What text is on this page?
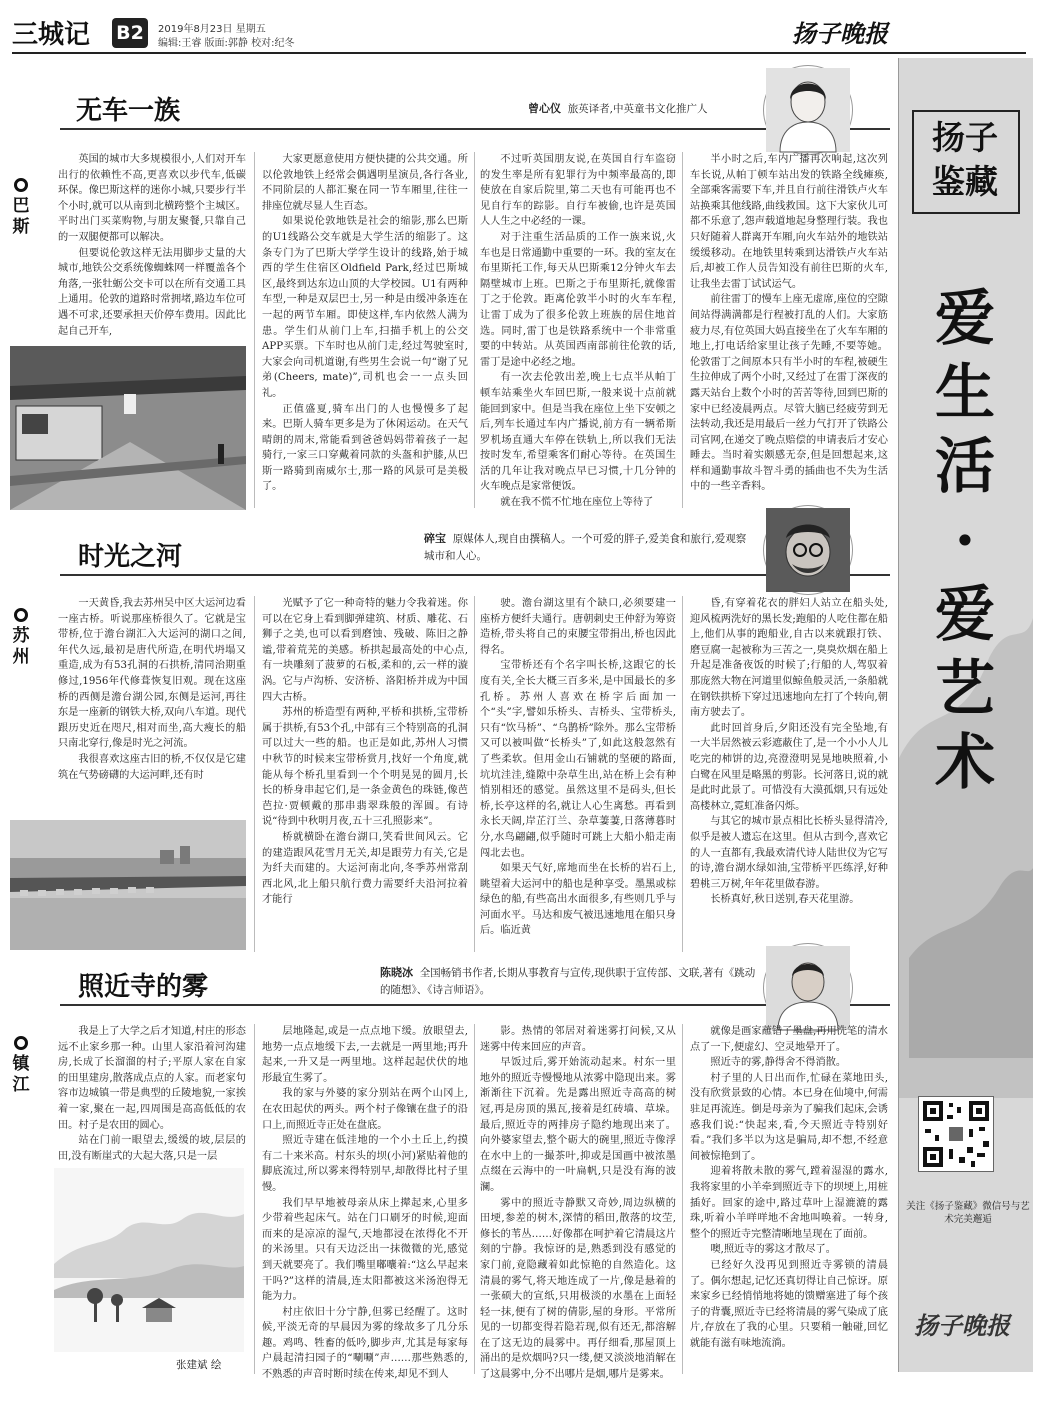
三城记 B2	2019年8月23日 星期五
编辑:王睿 版面:郭静 校对:纪冬	扬子晚报
无车一族	曾心仪 旅英译者,中英童书文化推广人
巴斯

英国的城市大多规模很小,人们对开车出行的依赖性不高,更喜欢以步代车,低碳环保。像巴斯这样的迷你小城,只要步行半个小时,就可以从南到北横跨整个主城区。平时出门买菜购物,与朋友聚餐,只靠自己的一双腿便都可以解决。

但要说伦敦这样无法用脚步丈量的大城市,地铁公交系统像蜘蛛网一样覆盖各个角落,一张牡蛎公交卡可以在所有交通工具上通用。伦敦的道路时常拥堵,路边车位可遇不可求,还要承担天价停车费用。因此比起自己开车,

大家更愿意使用方便快捷的公共交通。所以伦敦地铁上经常会偶遇明星演员,各行各业,不同阶层的人都汇聚在同一节车厢里,往往一排座位就尽显人生百态。

如果说伦敦地铁是社会的缩影,那么巴斯的U1线路公交车就是大学生活的缩影了。这条专门为了巴斯大学学生设计的线路,始于城西的学生住宿区Oldfield Park,经过巴斯城区,最终到达东边山顶的大学校园。U1有两种车型,一种是双层巴士,另一种是由缓冲条连在一起的两节车厢。即使这样,车内依然人满为患。学生们从前门上车,扫描手机上的公交APP买票。下车时也从前门走,经过驾驶室时,大家会向司机道谢,有些男生会说一句“谢了兄弟(Cheers, mate)”,司机也会一一点头回礼。

正值盛夏,骑车出门的人也慢慢多了起来。巴斯人骑车更多是为了休闲运动。在天气晴朗的周末,常能看到爸爸妈妈带着孩子一起骑行,一家三口穿戴着同款的头盔和护膝,从巴斯一路骑到南威尔士,那一路的风景可是美极了。

不过听英国朋友说,在英国自行车盗窃的发生率是所有犯罪行为中频率最高的,即使放在自家后院里,第二天也有可能再也不见自行车的踪影。自行车被偷,也许是英国人人生之中必经的一课。

对于注重生活品质的工作一族来说,火车也是日常通勤中重要的一环。我的室友在布里斯托工作,每天从巴斯乘12分钟火车去隔壁城市上班。巴斯之于布里斯托,就像雷丁之于伦敦。距离伦敦半小时的火车车程,让雷丁成为了很多伦敦上班族的居住地首选。同时,雷丁也是铁路系统中一个非常重要的中转站。从英国西南部前往伦敦的话,雷丁是途中必经之地。

有一次去伦敦出差,晚上七点半从帕丁顿车站乘坐火车回巴斯,一般来说十点前就能回到家中。但是当我在座位上坐下安顿之后,列车长通过车内广播说,前方有一辆希斯罗机场直通大车停在铁轨上,所以我们无法按时发车,希望乘客们耐心等待。在英国生活的几年让我对晚点早已习惯,十几分钟的火车晚点是家常便饭。

就在我不慌不忙地在座位上等待了

半小时之后,车内广播再次响起,这次列车长说,从帕丁顿车站出发的铁路全线瘫痪,全部乘客需要下车,并且自行前往滑铁卢火车站换乘其他线路,曲线救国。这下大家伙儿可都不乐意了,怨声载道地起身整理行装。我也只好随着人群离开车厢,向火车站外的地铁站缓缓移动。在地铁里转乘到达滑铁卢火车站后,却被工作人员告知没有前往巴斯的火车,让我坐去雷丁试试运气。

前往雷丁的慢车上座无虚席,座位的空隙间站得满满都是行程被打乱的人们。大家筋疲力尽,有位英国大妈直接坐在了火车车厢的地上,打电话给家里让孩子先睡,不要等她。伦敦雷丁之间原本只有半小时的车程,被硬生生拉伸成了两个小时,又经过了在雷丁深夜的露天站台上数个小时的苦苦等待,回到巴斯的家中已经凌晨两点。尽管大脑已经疲劳到无法转动,我还是用最后一丝力气打开了铁路公司官网,在递交了晚点赔偿的申请表后才安心睡去。当时着实颇感无奈,但是回想起来,这样和通勤事故斗智斗勇的插曲也不失为生活中的一些辛香料。

时光之河
碎宝 原媒体人,现自由撰稿人。一个可爱的胖子,爱美食和旅行,爱观察城市和人心。
苏州

一天黄昏,我去苏州吴中区大运河边看一座古桥。听说那座桥很久了。它就是宝带桥,位于澹台湖汇入大运河的湖口之间,年代久远,最初是唐代所造,在明代坍塌又重造,成为有53孔洞的石拱桥,清同治期重修过,1956年代修葺恢复旧观。现在这座桥的西侧是澹台湖公园,东侧是运河,再往东是一座新的钢铁大桥,双向八车道。现代跟历史近在咫尺,相对而坐,高大瘦长的船只南北穿行,像是时光之河流。

我很喜欢这座古旧的桥,不仅仅是它建筑在气势磅礴的大运河畔,还有时

光赋予了它一种奇特的魅力令我着迷。你可以在它身上看到脚弹建筑、材质、雕花、石狮子之美,也可以看到磨蚀、残破、陈旧之静谧,带着荒芜的美感。桥拱起最高处的中心点,有一块雕刻了菠萝的石板,柔和的,云一样的漩涡。它与卢沟桥、安济桥、洛阳桥并成为中国四大古桥。

苏州的桥造型有两种,平桥和拱桥,宝带桥属于拱桥,有53个孔,中部有三个特别高的孔洞可以过大一些的船。也正是如此,苏州人习惯中秋节的时候来宝带桥赏月,找好一个角度,就能从每个桥孔里看到一个个明晃晃的圆月,长长的桥身串起它们,是一条金黄色的珠链,像芭芭拉·贾顿戴的那串翡翠珠般的浑圆。有诗说“待到中秋明月夜,五十三孔照影来”。

桥就横卧在澹台湖口,笑看世间风云。它的建造跟风花雪月无关,却是跟劳力有关,它是为纤夫而建的。大运河南北向,冬季苏州常刮西北风,北上船只航行费力需要纤夫沿河拉着才能行

驶。澹台湖这里有个缺口,必须要建一座桥方便纤夫通行。唐朝刺史王仲舒为筹资造桥,带头将自己的束腰宝带捐出,桥也因此得名。

宝带桥还有个名字叫长桥,这跟它的长度有关,全长大概三百多米,是中国最长的多孔桥。苏州人喜欢在桥字后面加一个“头”字,譬如乐桥头、吉桥头、宝带桥头,只有“饮马桥”、“乌鹊桥”除外。那么宝带桥又可以被叫做“长桥头”了,如此这般忽然有了些柔软。但用金山石铺就的坚硬的路面,坑坑洼洼,缝隙中杂草生出,站在桥上会有种悄别相还的感觉。虽然这里不是码头,但长桥,长亭这样的名,就让人心生离愁。再看到永长天阔,岸芷汀兰、杂草萋萋,日落薄暮时分,水鸟翩翩,似乎随时可跳上大船小船走南闯北去也。

如果天气好,席地而坐在长桥的岩石上,眺望着大运河中的船也是种享受。墨黑或棕绿色的船,有些高出水面很多,有些则几乎与河面水平。马达和废气被迅速地甩在船只身后。临近黄

昏,有穿着花衣的胖妇人站立在船头处,迎风梳两洗好的黑长发;跑船的人吃住都在船上,他们从事的跑船业,自古以来就跟打铁、磨豆腐一起被称为三苦之一,臭臭炊烟在船上升起是准备夜饭的时候了;行船的人,驾驭着那庞然大物在河道里似鲸鱼般灵活,一条船就在钢铁拱桥下穿过迅速地向左打了个转向,朝南方驶去了。

此时回首身后,夕阳还没有完全坠地,有一大半居然被云彩遮蔽住了,是一个小小人儿吃完的柿饼的边,亮澄澄明晃晃地映照着,小白鹭在风里是略黑的剪影。长河落日,说的就是此时此景了。可惜没有大漠孤烟,只有远处高楼林立,霓虹准备闪烁。

与其它的城市景点相比长桥头显得清冷,似乎是被人遗忘在这里。但从古到今,喜欢它的人一直都有,我最欢清代诗人陆世仪为它写的诗,澹台湖水绿如油,宝带桥平匹练浮,好种碧桃三万树,年年花里做春游。

长桥真好,秋日送别,春天花里游。

照近寺的雾	陈晓冰 全国畅销书作者,长期从事教育与宣传,现供职于宣传部、文联,著有《跳动的随想》、《诗言师语》。
镇江

我是上了大学之后才知道,村庄的形态远不止家乡那一种。山里人家沿着河沟建房,长成了长溜溜的村子;平原人家在自家的田里建房,散落成点点的人家。而老家句容市边城镇一带是典型的丘陵地貌,一家挨着一家,聚在一起,四周围是高高低低的农田。村子是农田的圆心。

站在门前一眼望去,缓缓的坡,层层的田,没有断崖式的大起大落,只是一层

张建斌 绘

层地隆起,或是一点点地下缓。放眼望去,地势一点点地缓下去,一去就是一两里地;再升起来,一升又是一两里地。这样起起伏伏的地形最宜生雾了。

我的家与外婆的家分别站在两个山冈上,在农田起伏的两头。两个村子像镶在盘子的沿口上,而照近寺正处在盘底。

照近寺建在低洼地的一个小土丘上,约摸有二十来米高。村东头的坝(小河)紧贴着他的脚底流过,所以雾来得特别早,却散得比村子里慢。

我们早早地被母亲从床上撵起来,心里多少带着些起床气。站在门口刷牙的时候,迎面而来的是凉凉的湿气,天地都浸在浓得化不开的米汤里。只有天边泛出一抹微微的光,感觉到天就要亮了。我们嘴里嘟囔着:“这么早起来干吗?”这样的清晨,连太阳都被这米汤泡得无能为力。

村庄依旧十分宁静,但雾已经醒了。这时候,平淡无奇的早晨因为雾的缘故多了几分乐趣。鸡鸣、牲畜的低吟,脚步声,尤其是每家每户晨起清扫园子的“唰唰”声……那些熟悉的,不熟悉的声音时断时续在传来,却见不到人

影。热情的邻居对着迷雾打问候,又从迷雾中传来回应的声音。

早饭过后,雾开始流动起来。村东一里地外的照近寺慢慢地从浓雾中隐现出来。雾渐渐往下沉着。先是露出照近寺高高的树冠,再是房顶的黑瓦,接着是红砖墙、草垛。最后,照近寺的两排房子隐约地现出来了。向外婆家望去,整个砺大的碗里,照近寺像浮在水中上的一撮茶叶,抑或是国画中被浓墨点缀在云海中的一叶扁帆,只是没有海的波澜。

雾中的照近寺静默又奇妙,周边纵横的田埂,参差的树木,深情的稻田,散落的坟茔,修长的苇丛……好像都在呵护着它清晨这片刻的宁静。我惊讶的是,熟悉到没有感觉的家门前,竟隐藏着如此惊艳的自然造化。这清晨的雾气,将天地连成了一片,像是悬着的一张硕大的宣纸,只用极淡的水墨在上面轻轻一抹,便有了树的倩影,屋的身形。平常所见的一切都变得若隐若现,似有还无,都溶解在了这无边的晨雾中。再仔细看,那屋顶上涌出的是炊烟吗?只一缕,便又淡淡地消解在了这晨雾中,分不出哪片是烟,哪片是雾来。

就像是画家蘸错了墨盘,再用洗笔的清水点了一下,便虚幻、空灵地晕开了。

照近寺的雾,静得舍不得消散。

村子里的人日出而作,忙碌在菜地田头,没有欣赏景致的心情。本已身在仙境中,何需驻足再流连。倒是母亲为了骗我们起床,会诱惑我们说:“快起来,看,今天照近寺特别好看。”我们多半以为这是骗局,却不想,不经意间被惊艳到了。

迎着将散未散的雾气,蹚着湿湿的露水,我将家里的小羊牵到照近寺下的坝埂上,用桩插好。回家的途中,路过草叶上湿漉漉的露珠,听着小羊咩咩地不舍地叫唤着。一转身,整个的照近寺完整清晰地呈现在了面前。

噢,照近寺的雾这才散尽了。

已经好久没再见到照近寺雾锁的清晨了。偶尔想起,记忆还真切得让自己惊讶。原来家乡已经悄悄地将她的馈赠塞进了每个孩子的背囊,照近寺已经将清晨的雾气染成了底片,存放在了我的心里。只要稍一触碰,回忆就能有滋有味地流淌。

扬子
鉴藏
爱
生
活
·
爱
艺
术
关注《扬子鉴藏》微信号与艺术完美邂逅
扬子晚报
